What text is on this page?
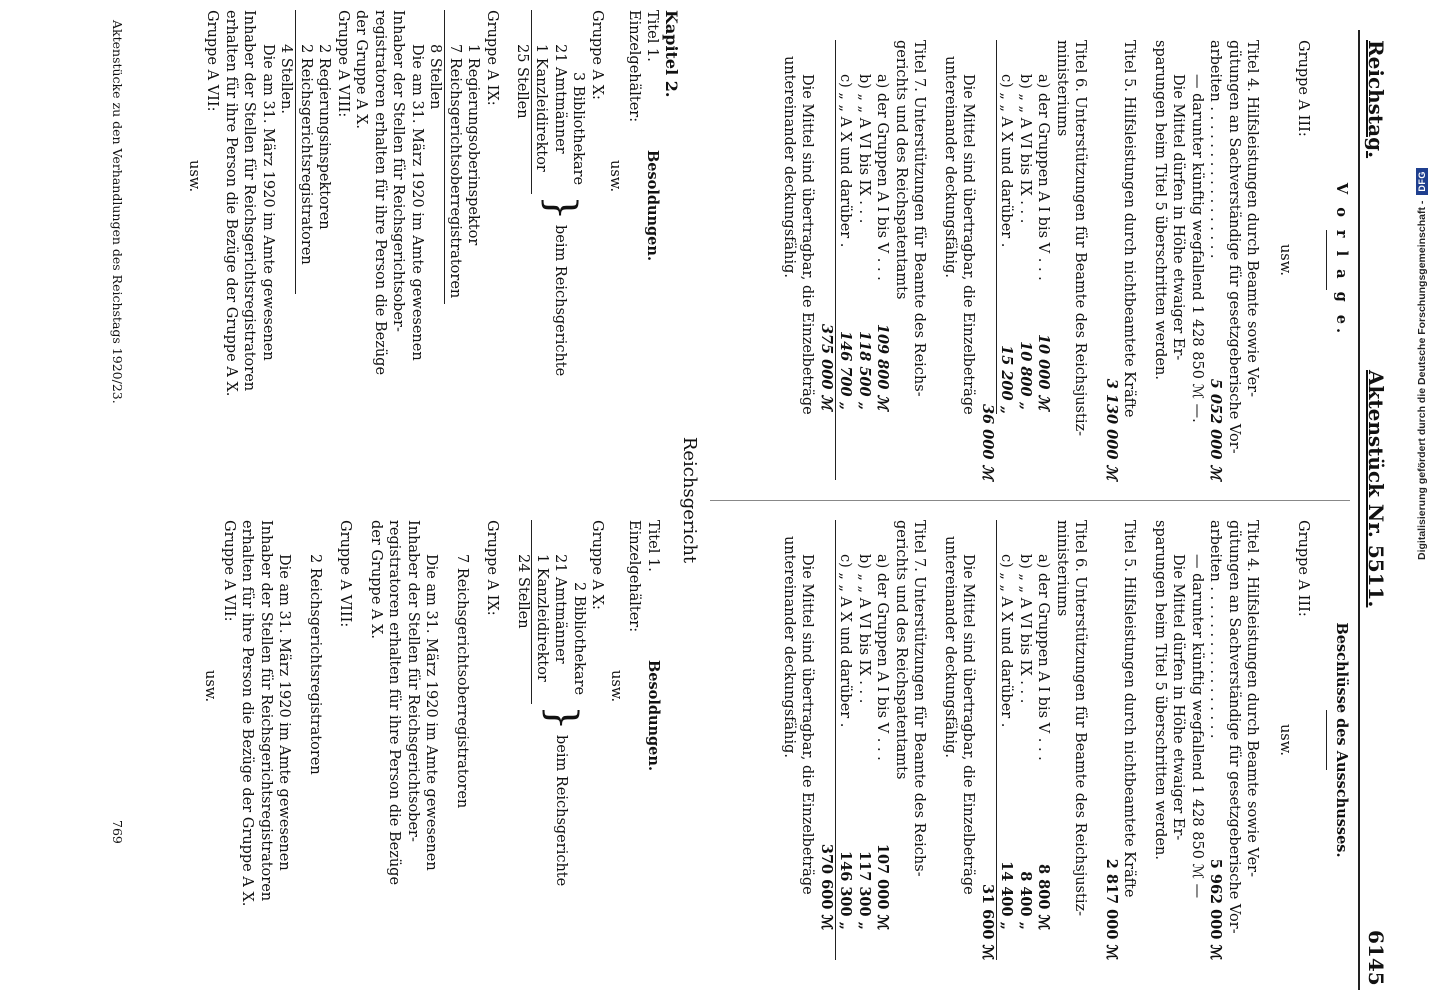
Digitalisierung gefördert durch die Deutsche Forschungsgemeinschaft -
DFG
Reichstag.
Aktenstück Nr. 5511.
6145
V o r l a g e.
Gruppe A III:
usw.
Titel 4. Hilfsleistungen durch Beamte sowie Ver-
gütungen an Sachverständige für gesetzgeberische Vor-
arbeiten . . . . . . . . . . . . . . . . .
5 052 000 ℳ
— darunter künftig wegfallend 1 428 850 ℳ —.
Die Mittel dürfen in Höhe etwaiger Er-
sparungen beim Titel 5 überschritten werden.
Titel 5. Hilfsleistungen durch nichtbeamtete Kräfte
3 130 000 ℳ
Titel 6. Unterstützungen für Beamte des Reichsjustiz-
ministeriums
a) der Gruppen A I bis V . . .
10 000 ℳ
b) „ „ A VI bis IX . . .
10 800 „
c) „ „ A X und darüber .
15 200 „
36 000 ℳ
Die Mittel sind übertragbar, die Einzelbeträge
untereinander deckungsfähig.
Titel 7. Unterstützungen für Beamte des Reichs-
gerichts und des Reichspatentamts
a) der Gruppen A I bis V . . .
109 800 ℳ
b) „ „ A VI bis IX . . .
118 500 „
c) „ „ A X und darüber .
146 700 „
375 000 ℳ
Die Mittel sind übertragbar, die Einzelbeträge
untereinander deckungsfähig.
Beschlüsse des Ausschusses.
Gruppe A III:
usw.
Titel 4. Hilfsleistungen durch Beamte sowie Ver-
gütungen an Sachverständige für gesetzgeberische Vor-
arbeiten . . . . . . . . . . . . . . . . .
5 962 000 ℳ
— darunter künftig wegfallend 1 428 850 ℳ —
Die Mittel dürfen in Höhe etwaiger Er-
sparungen beim Titel 5 überschritten werden.
Titel 5. Hilfsleistungen durch nichtbeamtete Kräfte
2 817 000 ℳ
Titel 6. Unterstützungen für Beamte des Reichsjustiz-
ministeriums
a) der Gruppen A I bis V . . .
8 800 ℳ
b) „ „ A VI bis IX . . .
8 400 „
c) „ „ A X und darüber .
14 400 „
31 600 ℳ
Die Mittel sind übertragbar, die Einzelbeträge
untereinander deckungsfähig.
Titel 7. Unterstützungen für Beamte des Reichs-
gerichts und des Reichspatentamts
a) der Gruppen A I bis V . . .
107 000 ℳ
b) „ „ A VI bis IX . . .
117 300 „
c) „ „ A X und darüber .
146 300 „
370 600 ℳ
Die Mittel sind übertragbar, die Einzelbeträge
untereinander deckungsfähig.
Reichsgericht
Kapitel 2.
Titel 1.
Besoldungen.
Einzelgehälter:
usw.
Gruppe A X:
3 Bibliothekare
21 Amtmänner
1 Kanzleidirektor
}
beim Reichsgerichte
25 Stellen
Gruppe A IX:
1 Regierungsoberinspektor
7 Reichsgerichtsoberregistratoren
8 Stellen
Die am 31. März 1920 im Amte gewesenen
Inhaber der Stellen für Reichsgerichtsober-
registratoren erhalten für ihre Person die Bezüge
der Gruppe A X.
Gruppe A VIII:
2 Regierungsinspektoren
2 Reichsgerichtsregistratoren
4 Stellen.
Die am 31. März 1920 im Amte gewesenen
Inhaber der Stellen für Reichsgerichtsregistratoren
erhalten für ihre Person die Bezüge der Gruppe A X.
Gruppe A VII:
usw.
Titel 1.
Besoldungen.
Einzelgehälter:
usw.
Gruppe A X:
2 Bibliothekare
21 Amtmänner
1 Kanzleidirektor
}
beim Reichsgerichte
24 Stellen
Gruppe A IX:
7 Reichsgerichtsoberregistratoren
Die am 31. März 1920 im Amte gewesenen
Inhaber der Stellen für Reichsgerichtsober-
registratoren erhalten für ihre Person die Bezüge
der Gruppe A X.
Gruppe A VIII:
2 Reichsgerichtsregistratoren
Die am 31. März 1920 im Amte gewesenen
Inhaber der Stellen für Reichsgerichtsregistratoren
erhalten für ihre Person die Bezüge der Gruppe A X.
Gruppe A VII:
usw.
Aktenstücke zu den Verhandlungen des Reichstags 1920/23.
769
